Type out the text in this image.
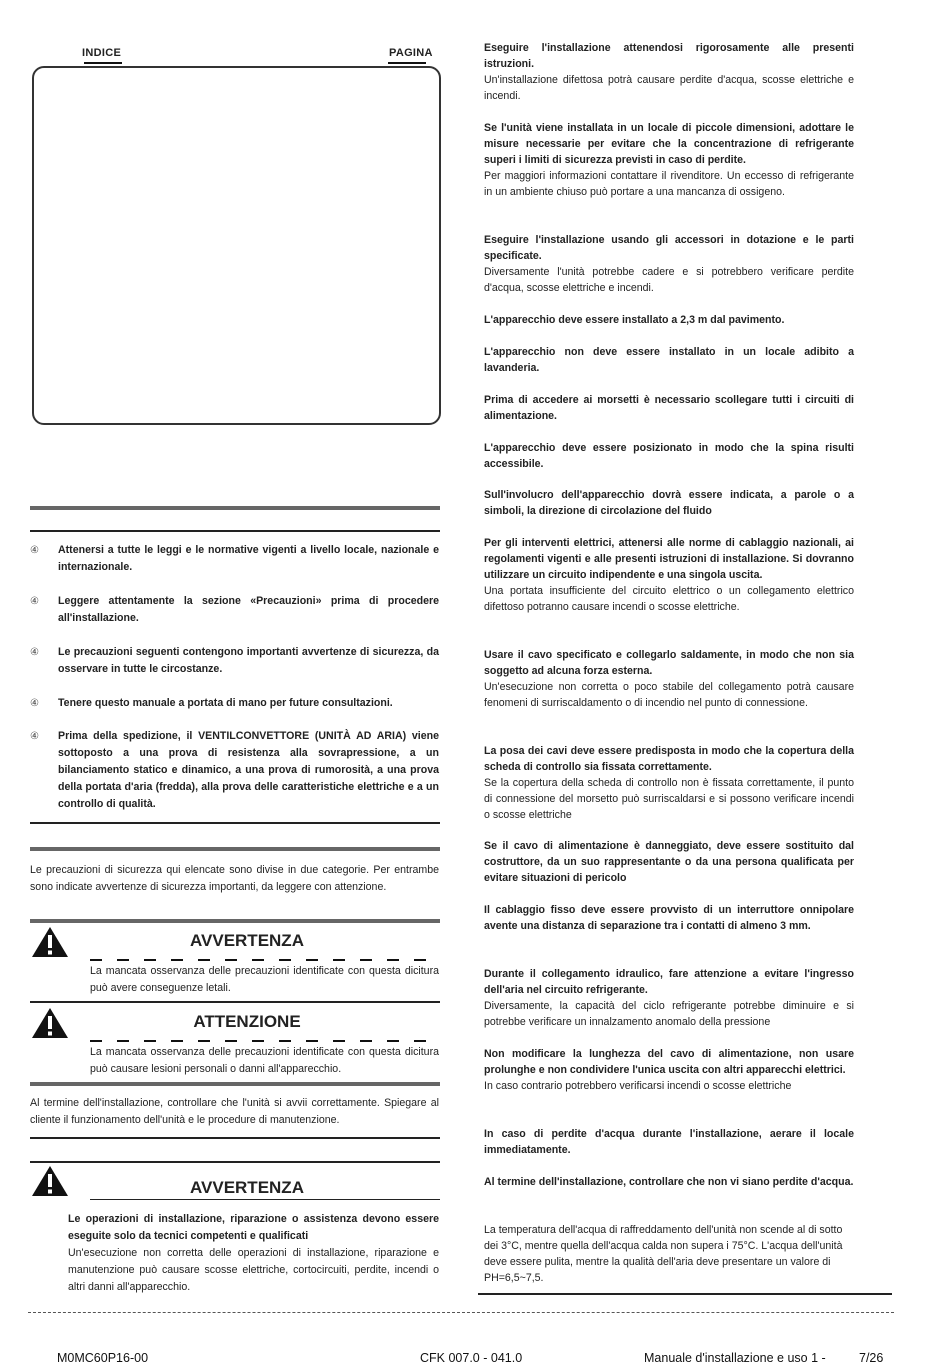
INDICE	PAGINA
④ Attenersi a tutte le leggi e le normative vigenti a livello locale, nazionale e internazionale.
④ Leggere attentamente la sezione «Precauzioni» prima di procedere all'installazione.
④ Le precauzioni seguenti contengono importanti avvertenze di sicurezza, da osservare in tutte le circostanze.
④ Tenere questo manuale a portata di mano per future consultazioni.
④ Prima della spedizione, il VENTILCONVETTORE (UNITÀ AD ARIA) viene sottoposto a una prova di resistenza alla sovrapressione, a un bilanciamento statico e dinamico, a una prova di rumorosità, a una prova della portata d'aria (fredda), alla prova delle caratteristiche elettriche e a un controllo di qualità.
Le precauzioni di sicurezza qui elencate sono divise in due categorie. Per entrambe sono indicate avvertenze di sicurezza importanti, da leggere con attenzione.
AVVERTENZA
La mancata osservanza delle precauzioni identificate con questa dicitura può avere conseguenze letali.
ATTENZIONE
La mancata osservanza delle precauzioni identificate con questa dicitura può causare lesioni personali o danni all'apparecchio.
Al termine dell'installazione, controllare che l'unità si avvii correttamente. Spiegare al cliente il funzionamento dell'unità e le procedure di manutenzione.
AVVERTENZA
Le operazioni di installazione, riparazione o assistenza devono essere eseguite solo da tecnici competenti e qualificati
Un'esecuzione non corretta delle operazioni di installazione, riparazione e manutenzione può causare scosse elettriche, cortocircuiti, perdite, incendi o altri danni all'apparecchio.

Eseguire l'installazione attenendosi rigorosamente alle presenti istruzioni.

Un'installazione difettosa potrà causare perdite d'acqua, scosse elettriche e incendi.

Se l'unità viene installata in un locale di piccole dimensioni, adottare le misure necessarie per evitare che la concentrazione di refrigerante superi i limiti di sicurezza previsti in caso di perdite.

Per maggiori informazioni contattare il rivenditore. Un eccesso di refrigerante in un ambiente chiuso può portare a una mancanza di ossigeno.

Eseguire l'installazione usando gli accessori in dotazione e le parti specificate.

Diversamente l'unità potrebbe cadere e si potrebbero verificare perdite d'acqua, scosse elettriche e incendi.

L'apparecchio deve essere installato a 2,3 m dal pavimento.

L'apparecchio non deve essere installato in un locale adibito a lavanderia.

Prima di accedere ai morsetti è necessario scollegare tutti i circuiti di alimentazione.

L'apparecchio deve essere posizionato in modo che la spina risulti accessibile.

Sull'involucro dell'apparecchio dovrà essere indicata, a parole o a simboli, la direzione di circolazione del fluido

Per gli interventi elettrici, attenersi alle norme di cablaggio nazionali, ai regolamenti vigenti e alle presenti istruzioni di installazione. Si dovranno utilizzare un circuito indipendente e una singola uscita.

Una portata insufficiente del circuito elettrico o un collegamento elettrico difettoso potranno causare incendi o scosse elettriche.

Usare il cavo specificato e collegarlo saldamente, in modo che non sia soggetto ad alcuna forza esterna.

Un'esecuzione non corretta o poco stabile del collegamento potrà causare fenomeni di surriscaldamento o di incendio nel punto di connessione.

La posa dei cavi deve essere predisposta in modo che la copertura della scheda di controllo sia fissata correttamente.

Se la copertura della scheda di controllo non è fissata correttamente, il punto di connessione del morsetto può surriscaldarsi e si possono verificare incendi o scosse elettriche

Se il cavo di alimentazione è danneggiato, deve essere sostituito dal costruttore, da un suo rappresentante o da una persona qualificata per evitare situazioni di pericolo

Il cablaggio fisso deve essere provvisto di un interruttore onnipolare avente una distanza di separazione tra i contatti di almeno 3 mm.

Durante il collegamento idraulico, fare attenzione a evitare l'ingresso dell'aria nel circuito refrigerante.

Diversamente, la capacità del ciclo refrigerante potrebbe diminuire e si potrebbe verificare un innalzamento anomalo della pressione

Non modificare la lunghezza del cavo di alimentazione, non usare prolunghe e non condividere l'unica uscita con altri apparecchi elettrici.

In caso contrario potrebbero verificarsi incendi o scosse elettriche

In caso di perdite d'acqua durante l'installazione, aerare il locale immediatamente.

Al termine dell'installazione, controllare che non vi siano perdite d'acqua.

La temperatura dell'acqua di raffreddamento dell'unità non scende al di sotto dei 3°C, mentre quella dell'acqua calda non supera i 75°C. L'acqua dell'unità deve essere pulita, mentre la qualità dell'aria deve presentare un valore di PH=6,5~7,5.

M0MC60P16-00	CFK 007.0 - 041.0	Manuale d'installazione e uso 1 -	7/26
